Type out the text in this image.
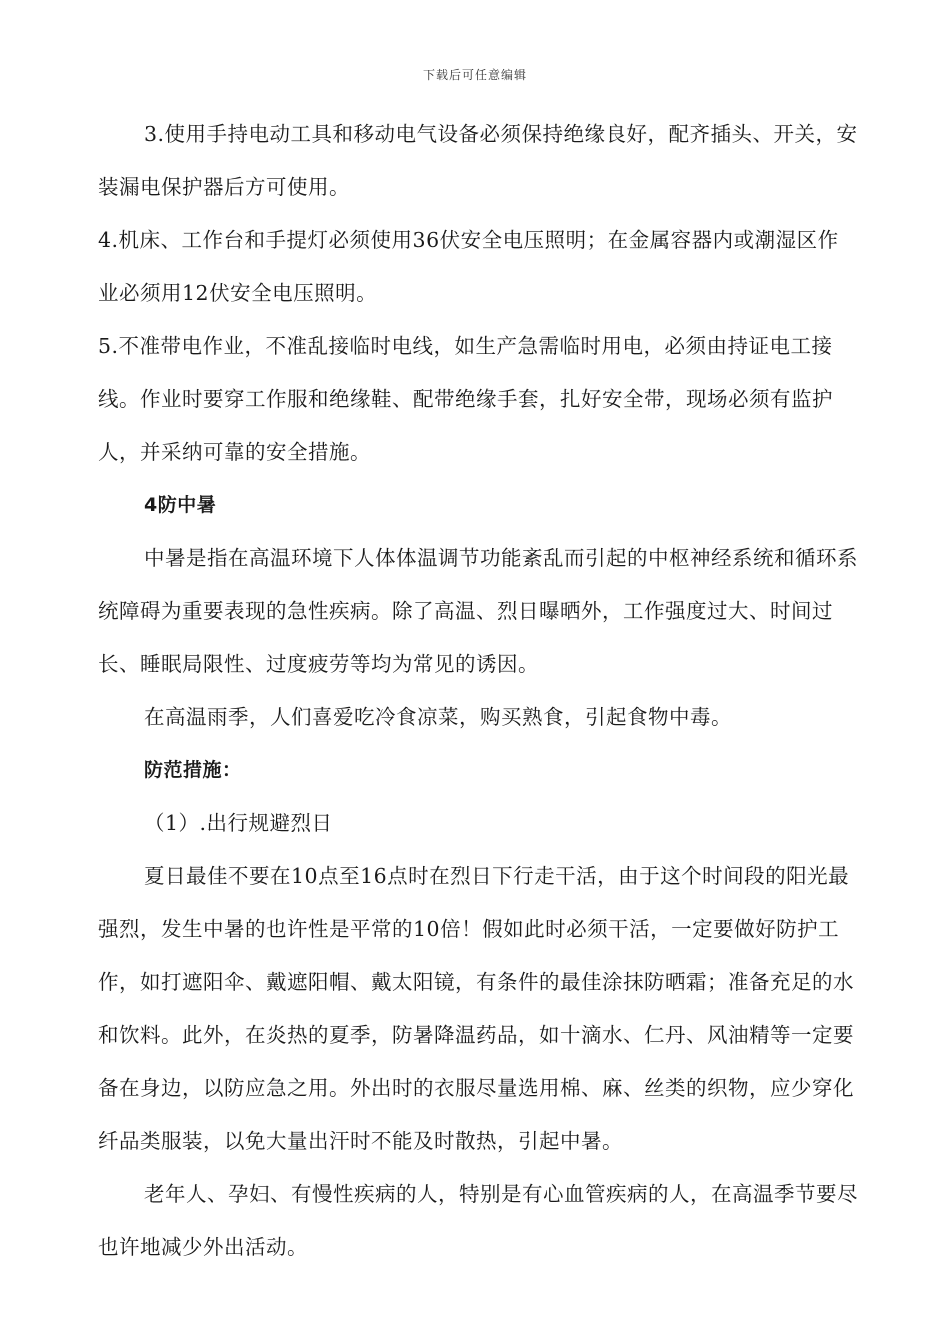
下载后可任意编辑

3.使用手持电动工具和移动电气设备必须保持绝缘良好，配齐插头、开关，安装漏电保护器后方可使用。

4.机床、工作台和手提灯必须使用36伏安全电压照明；在金属容器内或潮湿区作业必须用12伏安全电压照明。

5.不准带电作业，不准乱接临时电线，如生产急需临时用电，必须由持证电工接线。作业时要穿工作服和绝缘鞋、配带绝缘手套，扎好安全带，现场必须有监护人，并采纳可靠的安全措施。

4防中暑

中暑是指在高温环境下人体体温调节功能紊乱而引起的中枢神经系统和循环系统障碍为重要表现的急性疾病。除了高温、烈日曝晒外，工作强度过大、时间过长、睡眠局限性、过度疲劳等均为常见的诱因。

在高温雨季，人们喜爱吃冷食凉菜，购买熟食，引起食物中毒。

防范措施：

（1）.出行规避烈日

夏日最佳不要在10点至16点时在烈日下行走干活，由于这个时间段的阳光最强烈，发生中暑的也许性是平常的10倍！假如此时必须干活，一定要做好防护工作，如打遮阳伞、戴遮阳帽、戴太阳镜，有条件的最佳涂抹防晒霜；准备充足的水和饮料。此外，在炎热的夏季，防暑降温药品，如十滴水、仁丹、风油精等一定要备在身边，以防应急之用。外出时的衣服尽量选用棉、麻、丝类的织物，应少穿化纤品类服装，以免大量出汗时不能及时散热，引起中暑。

老年人、孕妇、有慢性疾病的人，特别是有心血管疾病的人，在高温季节要尽也许地减少外出活动。
